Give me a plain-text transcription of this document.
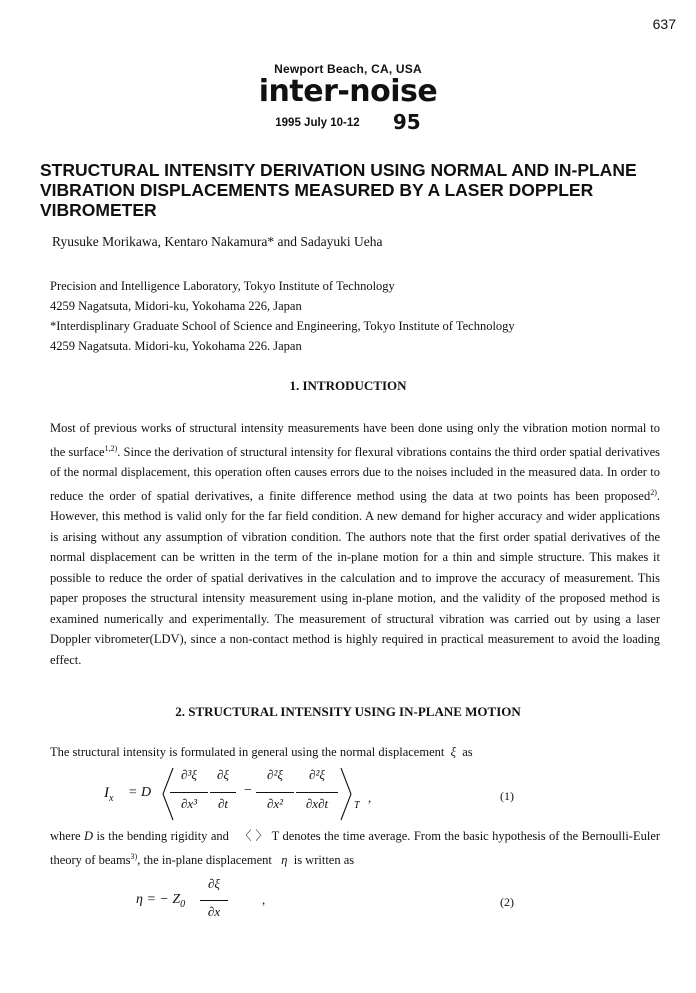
637
Newport Beach, CA, USA
inter-noise
1995 July 10-12 95
STRUCTURAL INTENSITY DERIVATION USING NORMAL AND IN-PLANE VIBRATION DISPLACEMENTS MEASURED BY A LASER DOPPLER VIBROMETER
Ryusuke Morikawa, Kentaro Nakamura* and Sadayuki Ueha
Precision and Intelligence Laboratory, Tokyo Institute of Technology
4259 Nagatsuta, Midori-ku, Yokohama 226, Japan
*Interdisplinary Graduate School of Science and Engineering, Tokyo Institute of Technology
4259 Nagatsuta. Midori-ku, Yokohama 226. Japan
1. INTRODUCTION

Most of previous works of structural intensity measurements have been done using only the vibration motion normal to the surface$^{1,2)}$. Since the derivation of structural intensity for flexural vibrations contains the third order spatial derivatives of the normal displacement, this operation often causes errors due to the noises included in the measured data. In order to reduce the order of spatial derivatives, a finite difference method using the data at two points has been proposed$^{2)}$. However, this method is valid only for the far field condition. A new demand for higher accuracy and wider applications is arising without any assumption of vibration condition. The authors note that the first order spatial derivatives of the normal displacement can be written in the term of the in-plane motion for a thin and simple structure. This makes it possible to reduce the order of spatial derivatives in the calculation and to improve the accuracy of measurement. This paper proposes the structural intensity measurement using in-plane motion, and the validity of the proposed method is examined numerically and experimentally. The measurement of structural vibration was carried out by using a laser Doppler vibrometer(LDV), since a non-contact method is highly required in practical measurement to avoid the loading effect.

2. STRUCTURAL INTENSITY USING IN-PLANE MOTION

The structural intensity is formulated in general using the normal displacement ξ as

$I_x = D$
∂³ξ
∂x³
∂ξ
∂t
−
∂²ξ
∂x²
∂²ξ
∂x∂t	T
,	(1)

where D is the bending rigidity and 〈 〉 T denotes the time average. From the basic hypothesis of the Bernoulli-Euler theory of beams$^{3)}$, the in-plane displacement η is written as

η = − $Z_0$
∂ξ
∂x
,	(2)
